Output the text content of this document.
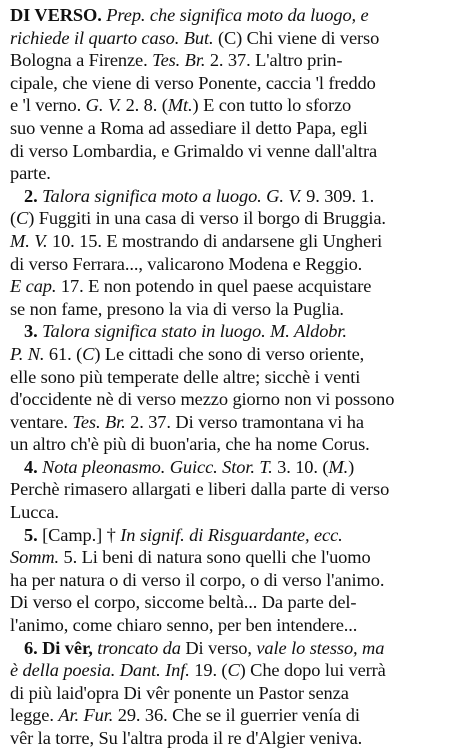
DI VERSO. Prep. che significa moto da luogo, e
richiede il quarto caso. But. (C) Chi viene di verso
Bologna a Firenze. Tes. Br. 2. 37. L'altro prin-
cipale, che viene di verso Ponente, caccia 'l freddo
e 'l verno. G. V. 2. 8. (Mt.) E con tutto lo sforzo
suo venne a Roma ad assediare il detto Papa, egli
di verso Lombardia, e Grimaldo vi venne dall'altra
parte.
2. Talora significa moto a luogo. G. V. 9. 309. 1.
(C) Fuggiti in una casa di verso il borgo di Bruggia.
M. V. 10. 15. E mostrando di andarsene gli Ungheri
di verso Ferrara..., valicarono Modena e Reggio.
E cap. 17. E non potendo in quel paese acquistare
se non fame, presono la via di verso la Puglia.
3. Talora significa stato in luogo. M. Aldobr.
P. N. 61. (C) Le cittadi che sono di verso oriente,
elle sono più temperate delle altre; sicchè i venti
d'occidente nè di verso mezzo giorno non vi possono
ventare. Tes. Br. 2. 37. Di verso tramontana vi ha
un altro ch'è più di buon'aria, che ha nome Corus.
4. Nota pleonasmo. Guicc. Stor. T. 3. 10. (M.)
Perchè rimasero allargati e liberi dalla parte di verso
Lucca.
5. [Camp.] † In signif. di Risguardante, ecc.
Somm. 5. Li beni di natura sono quelli che l'uomo
ha per natura o di verso il corpo, o di verso l'animo.
Di verso el corpo, siccome beltà... Da parte del-
l'animo, come chiaro senno, per ben intendere...
6. Di vêr, troncato da Di verso, vale lo stesso, ma
è della poesia. Dant. Inf. 19. (C) Che dopo lui verrà
di più laid'opra Di vêr ponente un Pastor senza
legge. Ar. Fur. 29. 36. Che se il guerrier venía di
vêr la torre, Su l'altra proda il re d'Algier veniva.
